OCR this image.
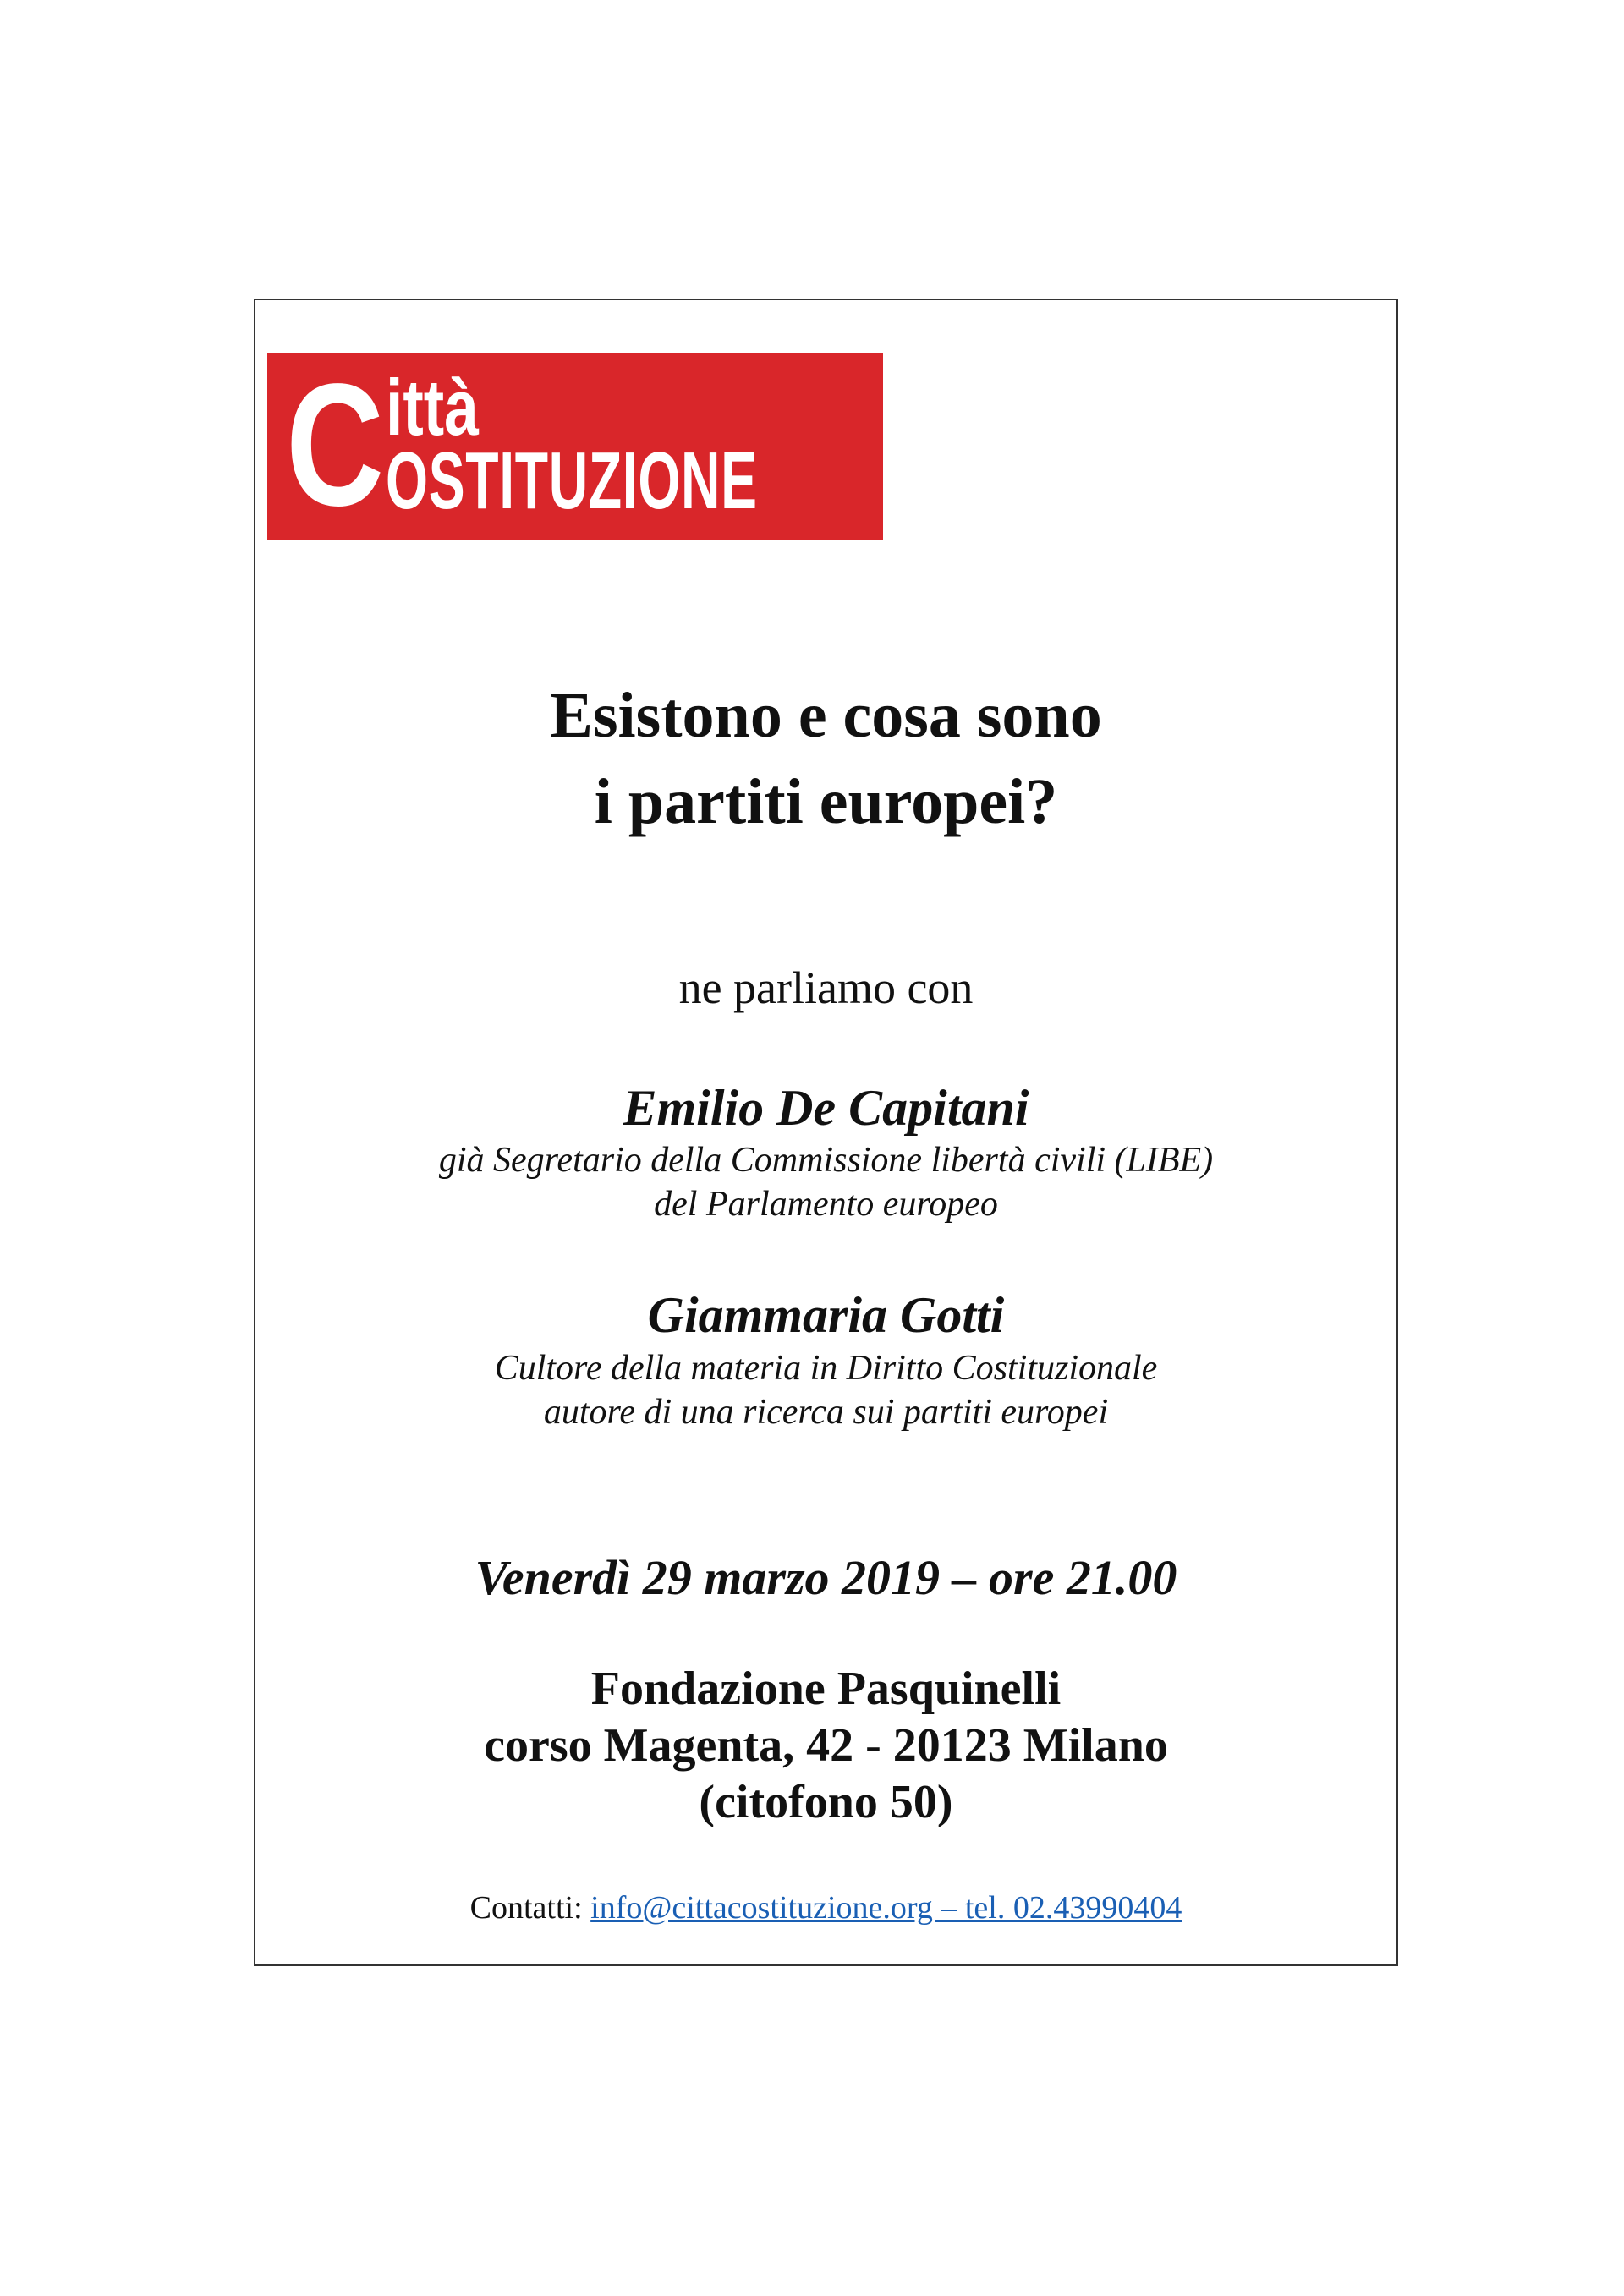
C ittà
OSTITUZIONE
Esistono e cosa sono
i partiti europei?

ne parliamo con

Emilio De Capitani

già Segretario della Commissione libertà civili (LIBE)

del Parlamento europeo

Giammaria Gotti

Cultore della materia in Diritto Costituzionale

autore di una ricerca sui partiti europei

Venerdì 29 marzo 2019 – ore 21.00

Fondazione Pasquinelli

corso Magenta, 42 - 20123 Milano

(citofono 50)

Contatti: info@cittacostituzione.org – tel. 02.43990404
